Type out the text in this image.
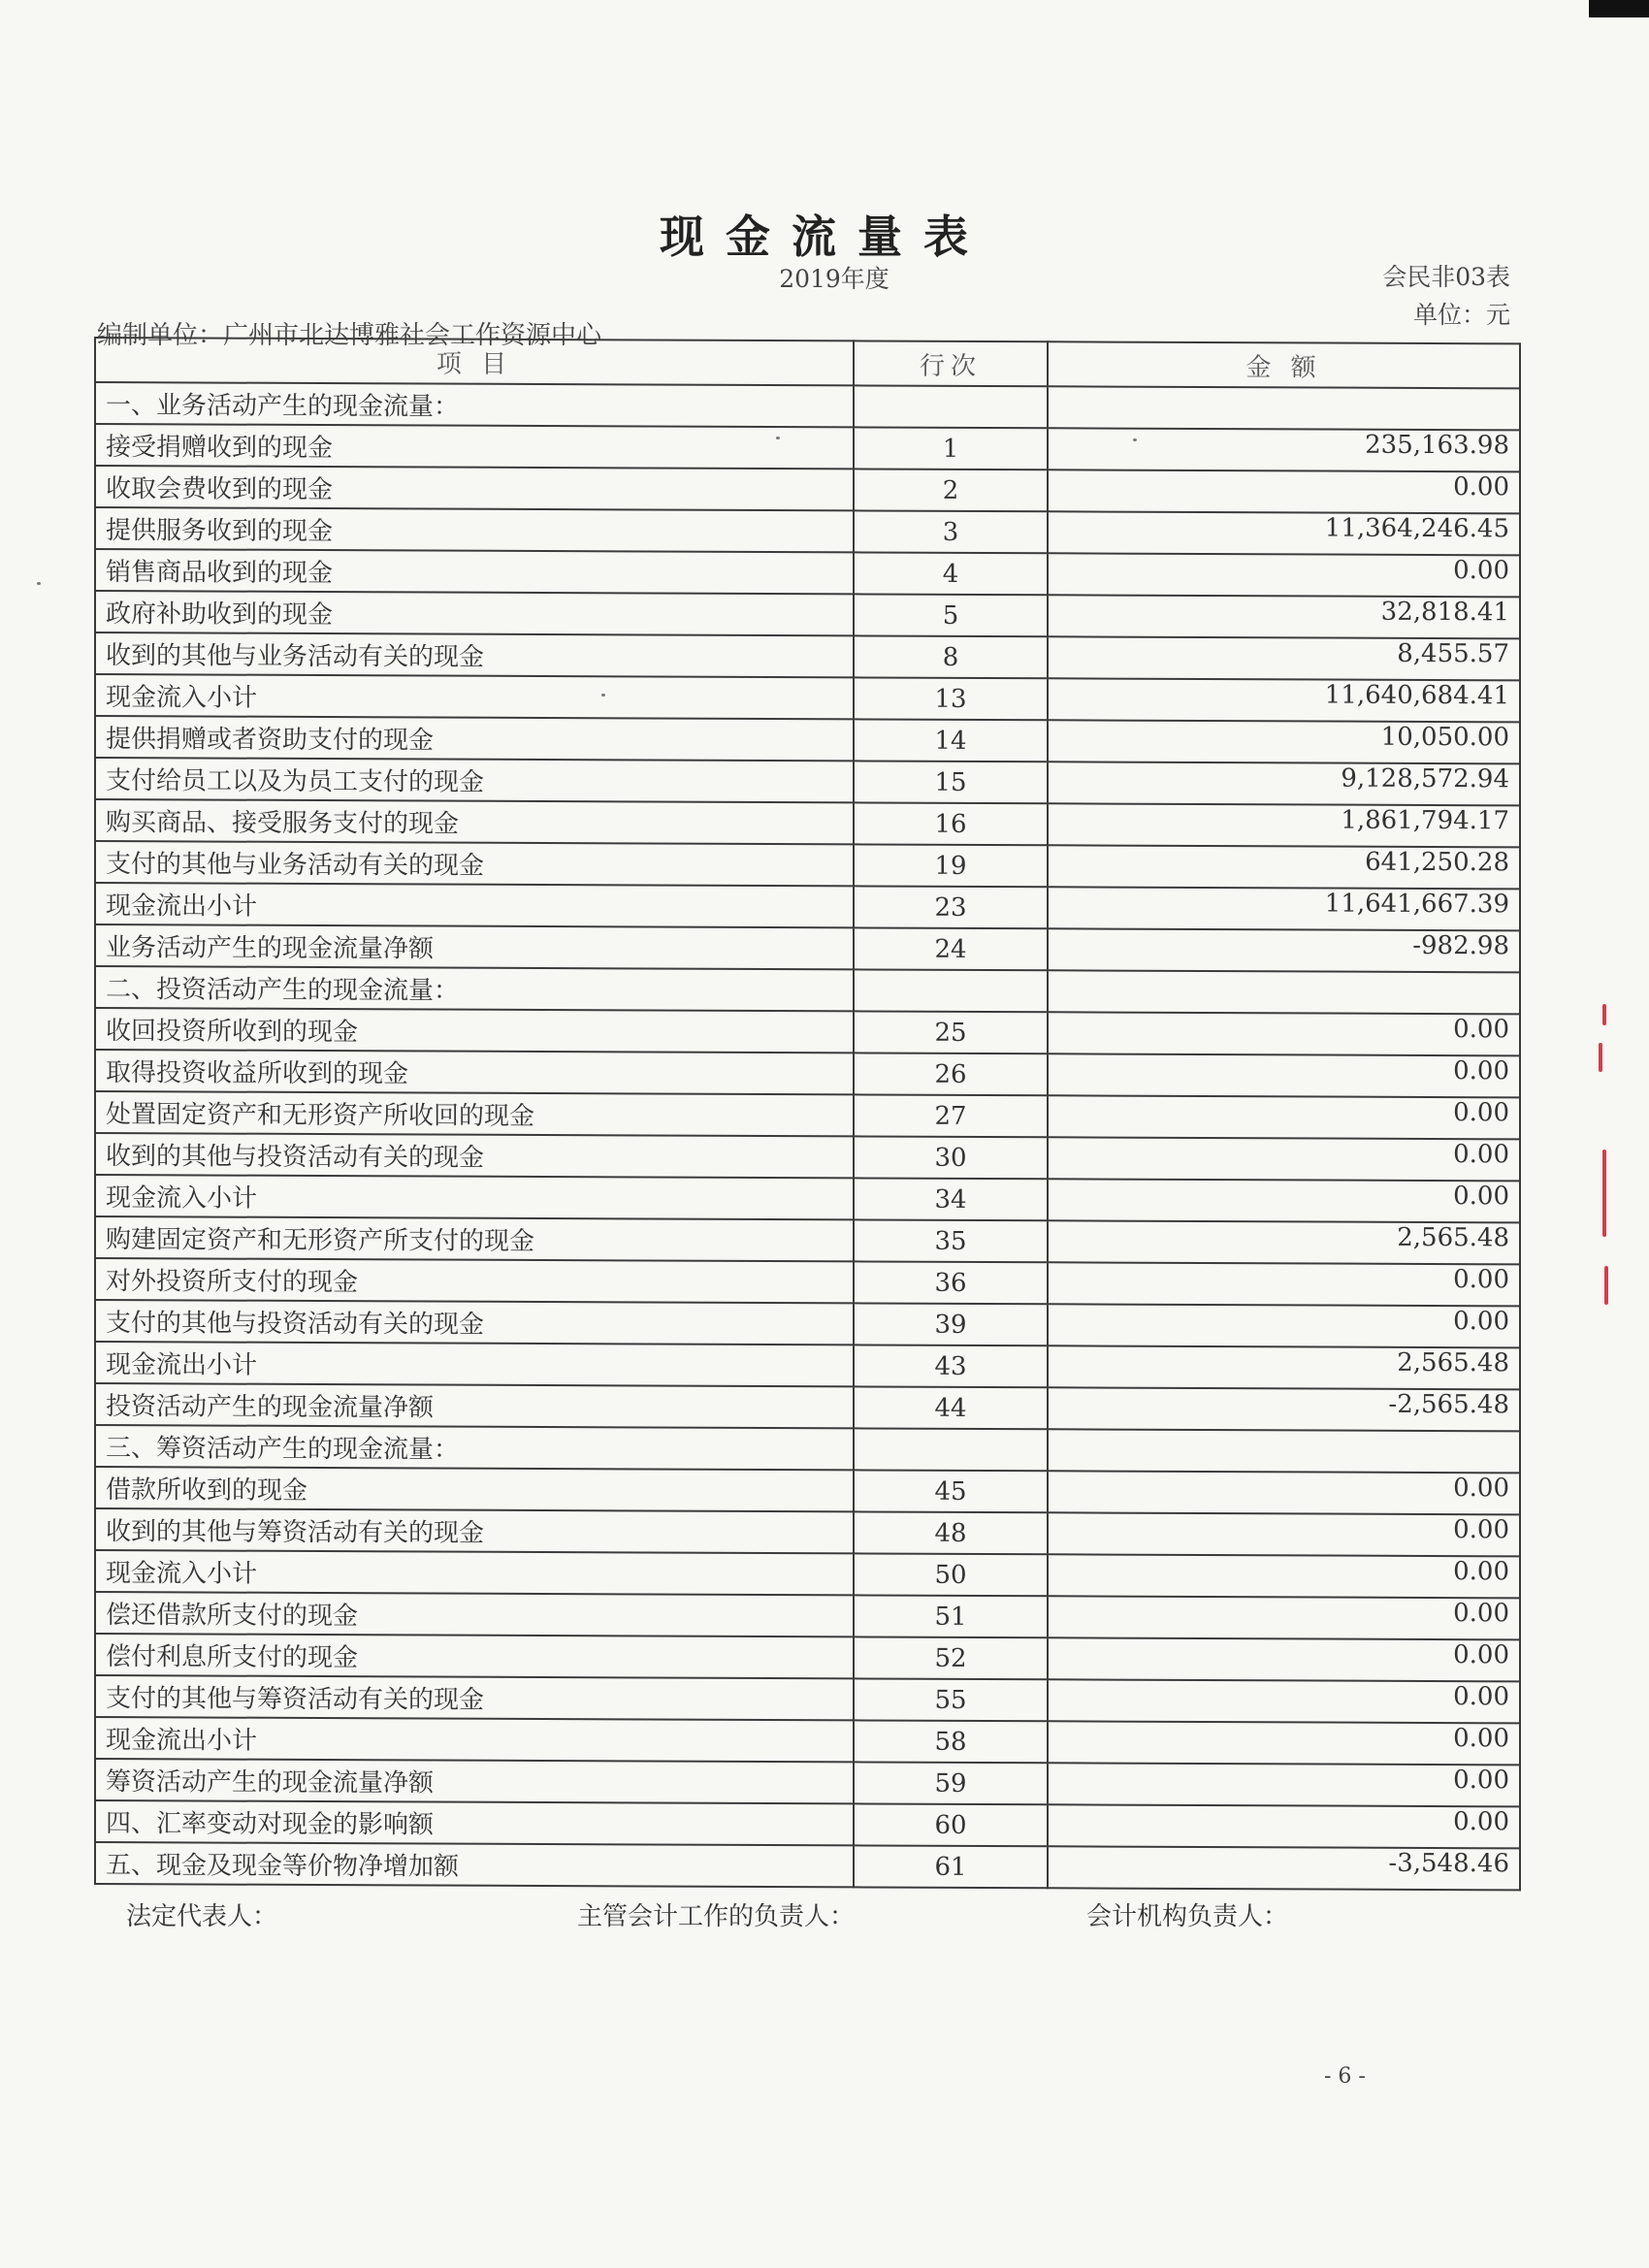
现金流量表
2019年度	会民非03表
单位：元
编制单位：广州市北达博雅社会工作资源中心
项 目	行次	金 额
一、业务活动产生的现金流量：		
接受捐赠收到的现金	1	235,163.98
收取会费收到的现金	2	0.00
提供服务收到的现金	3	11,364,246.45
销售商品收到的现金	4	0.00
政府补助收到的现金	5	32,818.41
收到的其他与业务活动有关的现金	8	8,455.57
现金流入小计	13	11,640,684.41
提供捐赠或者资助支付的现金	14	10,050.00
支付给员工以及为员工支付的现金	15	9,128,572.94
购买商品、接受服务支付的现金	16	1,861,794.17
支付的其他与业务活动有关的现金	19	641,250.28
现金流出小计	23	11,641,667.39
业务活动产生的现金流量净额	24	-982.98
二、投资活动产生的现金流量：		
收回投资所收到的现金	25	0.00
取得投资收益所收到的现金	26	0.00
处置固定资产和无形资产所收回的现金	27	0.00
收到的其他与投资活动有关的现金	30	0.00
现金流入小计	34	0.00
购建固定资产和无形资产所支付的现金	35	2,565.48
对外投资所支付的现金	36	0.00
支付的其他与投资活动有关的现金	39	0.00
现金流出小计	43	2,565.48
投资活动产生的现金流量净额	44	-2,565.48
三、筹资活动产生的现金流量：		
借款所收到的现金	45	0.00
收到的其他与筹资活动有关的现金	48	0.00
现金流入小计	50	0.00
偿还借款所支付的现金	51	0.00
偿付利息所支付的现金	52	0.00
支付的其他与筹资活动有关的现金	55	0.00
现金流出小计	58	0.00
筹资活动产生的现金流量净额	59	0.00
四、汇率变动对现金的影响额	60	0.00
五、现金及现金等价物净增加额	61	-3,548.46
法定代表人：	主管会计工作的负责人：	会计机构负责人：
- 6 -
